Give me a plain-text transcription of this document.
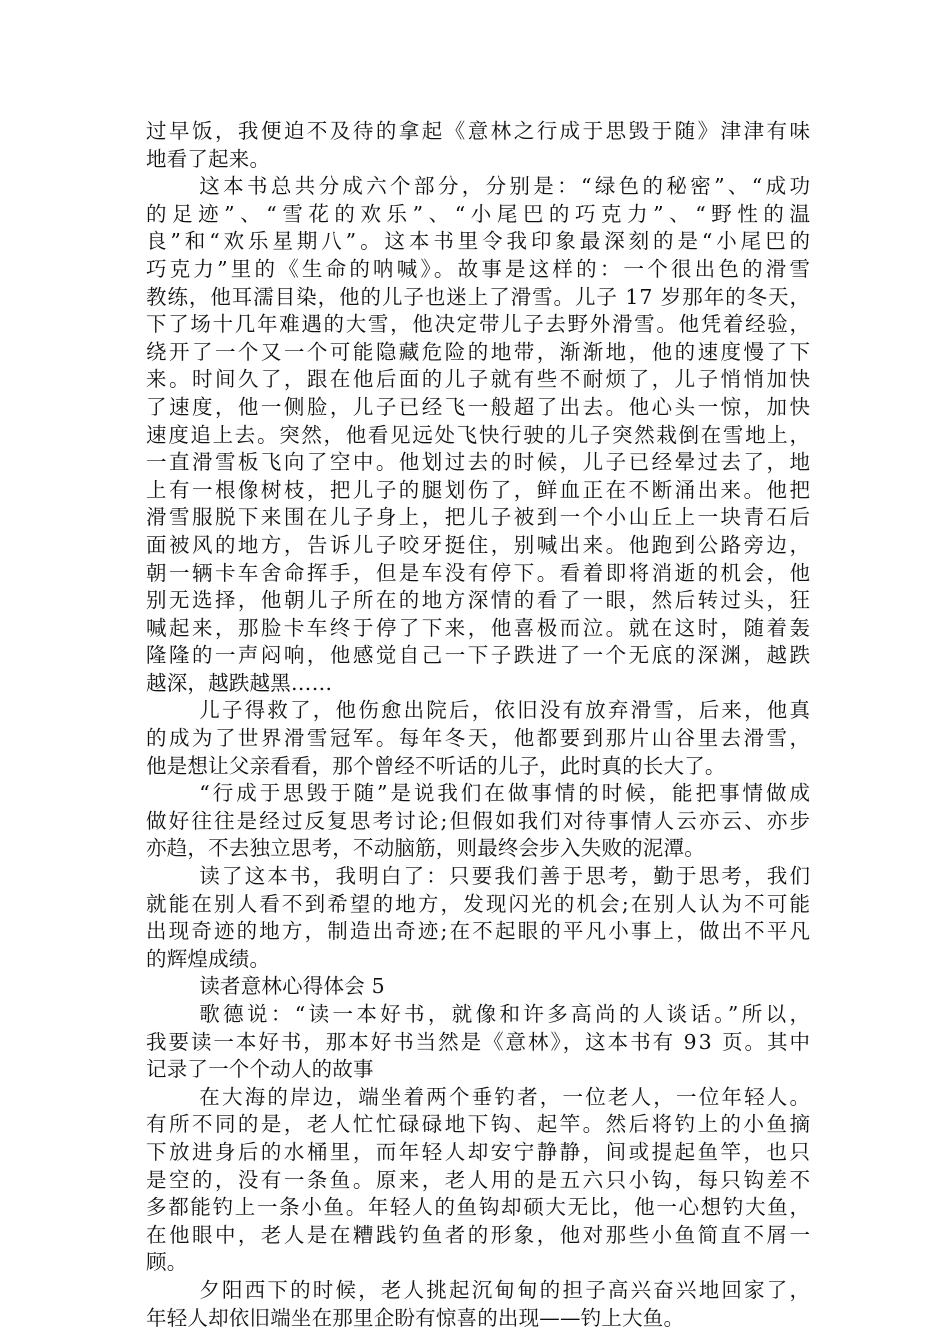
过早饭，我便迫不及待的拿起《意林之行成于思毁于随》津津有味
地看了起来。
这本书总共分成六个部分，分别是：“绿色的秘密”、“成功
的足迹”、“雪花的欢乐”、“小尾巴的巧克力”、“野性的温
良”和“欢乐星期八”。这本书里令我印象最深刻的是“小尾巴的
巧克力”里的《生命的呐喊》。故事是这样的：一个很出色的滑雪
教练，他耳濡目染，他的儿子也迷上了滑雪。儿子 17 岁那年的冬天，
下了场十几年难遇的大雪，他决定带儿子去野外滑雪。他凭着经验，
绕开了一个又一个可能隐藏危险的地带，渐渐地，他的速度慢了下
来。时间久了，跟在他后面的儿子就有些不耐烦了，儿子悄悄加快
了速度，他一侧脸，儿子已经飞一般超了出去。他心头一惊，加快
速度追上去。突然，他看见远处飞快行驶的儿子突然栽倒在雪地上，
一直滑雪板飞向了空中。他划过去的时候，儿子已经晕过去了，地
上有一根像树枝，把儿子的腿划伤了，鲜血正在不断涌出来。他把
滑雪服脱下来围在儿子身上，把儿子被到一个小山丘上一块青石后
面被风的地方，告诉儿子咬牙挺住，别喊出来。他跑到公路旁边，
朝一辆卡车舍命挥手，但是车没有停下。看着即将消逝的机会，他
别无选择，他朝儿子所在的地方深情的看了一眼，然后转过头，狂
喊起来，那脸卡车终于停了下来，他喜极而泣。就在这时，随着轰
隆隆的一声闷响，他感觉自己一下子跌进了一个无底的深渊，越跌
越深，越跌越黑……
儿子得救了，他伤愈出院后，依旧没有放弃滑雪，后来，他真
的成为了世界滑雪冠军。每年冬天，他都要到那片山谷里去滑雪，
他是想让父亲看看，那个曾经不听话的儿子，此时真的长大了。
“行成于思毁于随”是说我们在做事情的时候，能把事情做成
做好往往是经过反复思考讨论;但假如我们对待事情人云亦云、亦步
亦趋，不去独立思考，不动脑筋，则最终会步入失败的泥潭。
读了这本书，我明白了：只要我们善于思考，勤于思考，我们
就能在别人看不到希望的地方，发现闪光的机会;在别人认为不可能
出现奇迹的地方，制造出奇迹;在不起眼的平凡小事上，做出不平凡
的辉煌成绩。
读者意林心得体会 5
歌德说：“读一本好书，就像和许多高尚的人谈话。”所以，
我要读一本好书，那本好书当然是《意林》，这本书有 93 页。其中
记录了一个个动人的故事
在大海的岸边，端坐着两个垂钓者，一位老人，一位年轻人。
有所不同的是，老人忙忙碌碌地下钩、起竿。然后将钓上的小鱼摘
下放进身后的水桶里，而年轻人却安宁静静，间或提起鱼竿，也只
是空的，没有一条鱼。原来，老人用的是五六只小钩，每只钩差不
多都能钓上一条小鱼。年轻人的鱼钩却硕大无比，他一心想钓大鱼，
在他眼中，老人是在糟践钓鱼者的形象，他对那些小鱼简直不屑一
顾。
夕阳西下的时候，老人挑起沉甸甸的担子高兴奋兴地回家了，
年轻人却依旧端坐在那里企盼有惊喜的出现——钓上大鱼。
